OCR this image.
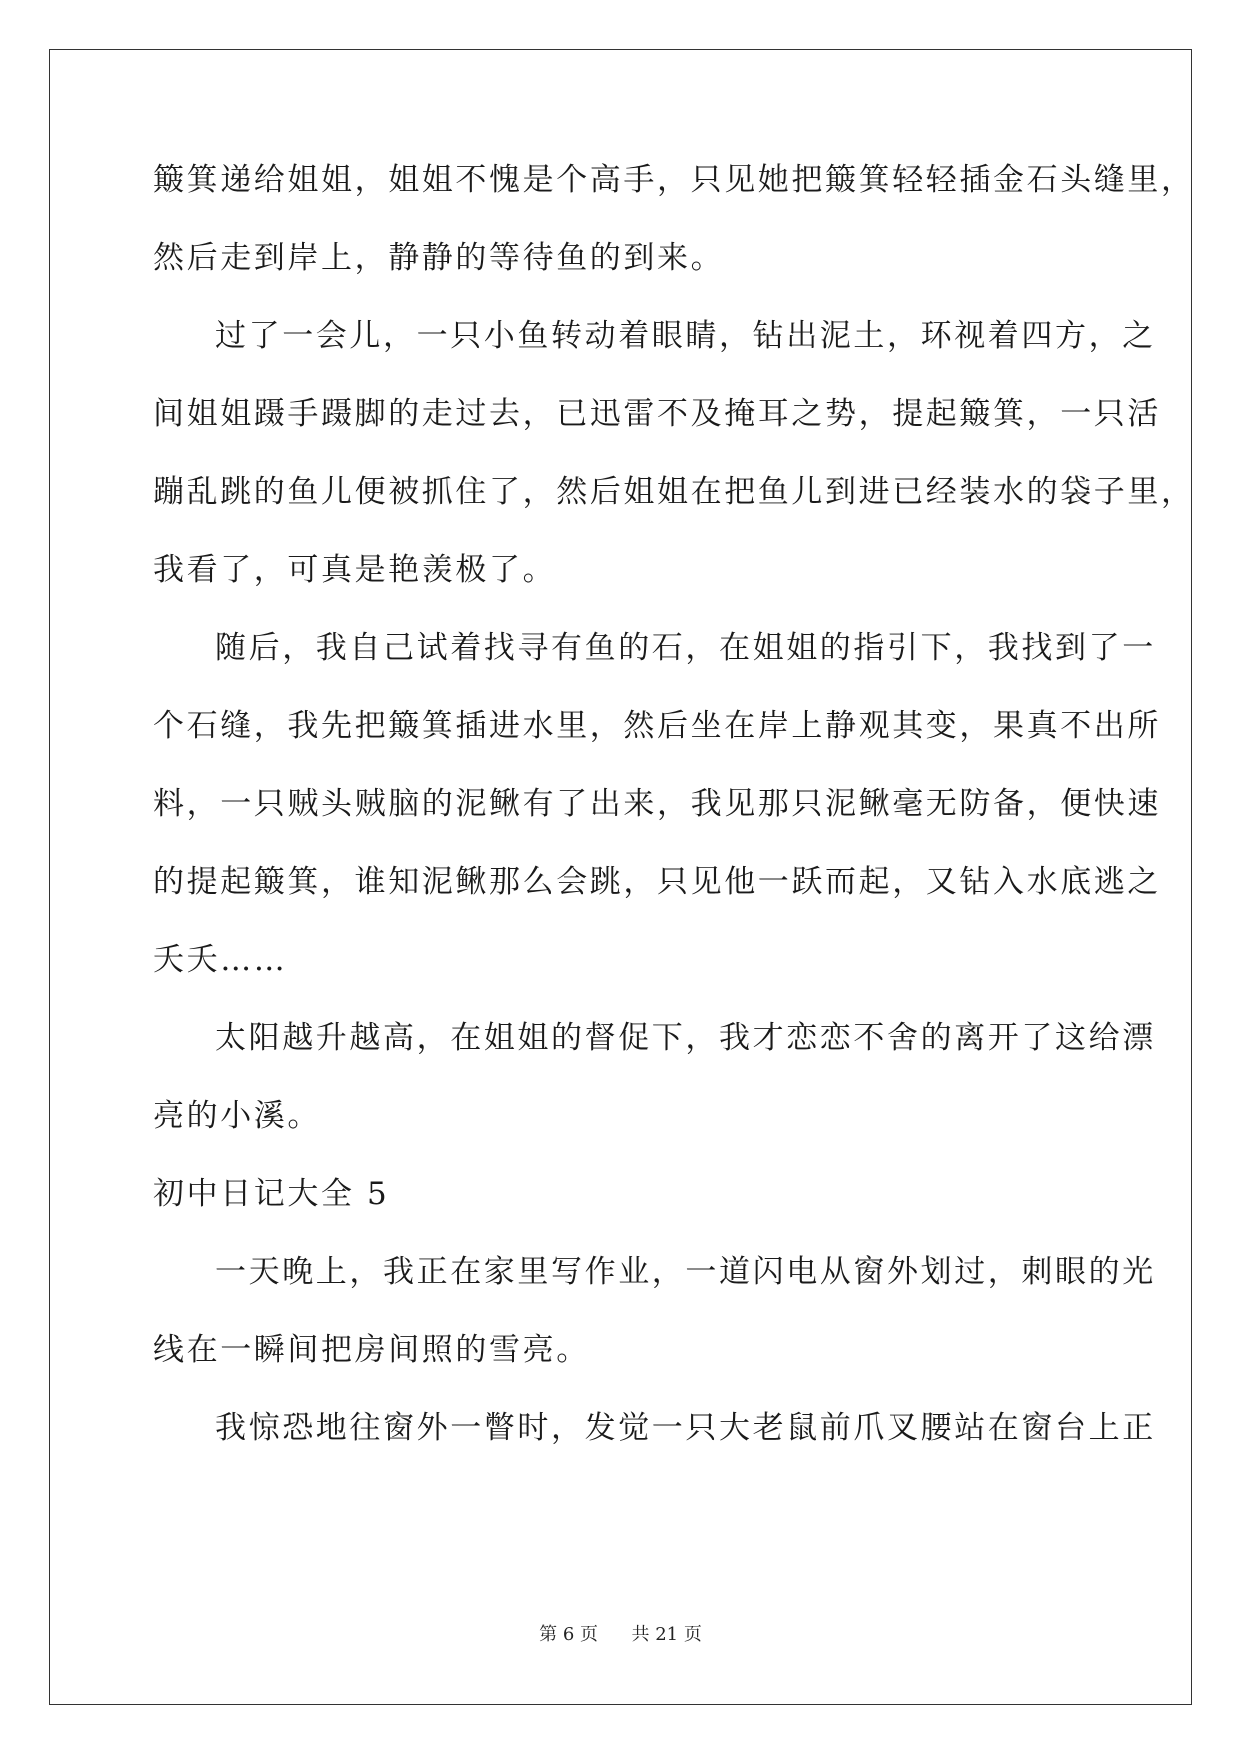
簸箕递给姐姐，姐姐不愧是个高手，只见她把簸箕轻轻插金石头缝里，
然后走到岸上，静静的等待鱼的到来。
过了一会儿，一只小鱼转动着眼睛，钻出泥土，环视着四方，之
间姐姐蹑手蹑脚的走过去，已迅雷不及掩耳之势，提起簸箕，一只活
蹦乱跳的鱼儿便被抓住了，然后姐姐在把鱼儿到进已经装水的袋子里，
我看了，可真是艳羡极了。
随后，我自己试着找寻有鱼的石，在姐姐的指引下，我找到了一
个石缝，我先把簸箕插进水里，然后坐在岸上静观其变，果真不出所
料，一只贼头贼脑的泥鳅有了出来，我见那只泥鳅毫无防备，便快速
的提起簸箕，谁知泥鳅那么会跳，只见他一跃而起，又钻入水底逃之
夭夭……
太阳越升越高，在姐姐的督促下，我才恋恋不舍的离开了这给漂
亮的小溪。
初中日记大全 5
一天晚上，我正在家里写作业，一道闪电从窗外划过，刺眼的光
线在一瞬间把房间照的雪亮。
我惊恐地往窗外一瞥时，发觉一只大老鼠前爪叉腰站在窗台上正
第 6 页 共 21 页
